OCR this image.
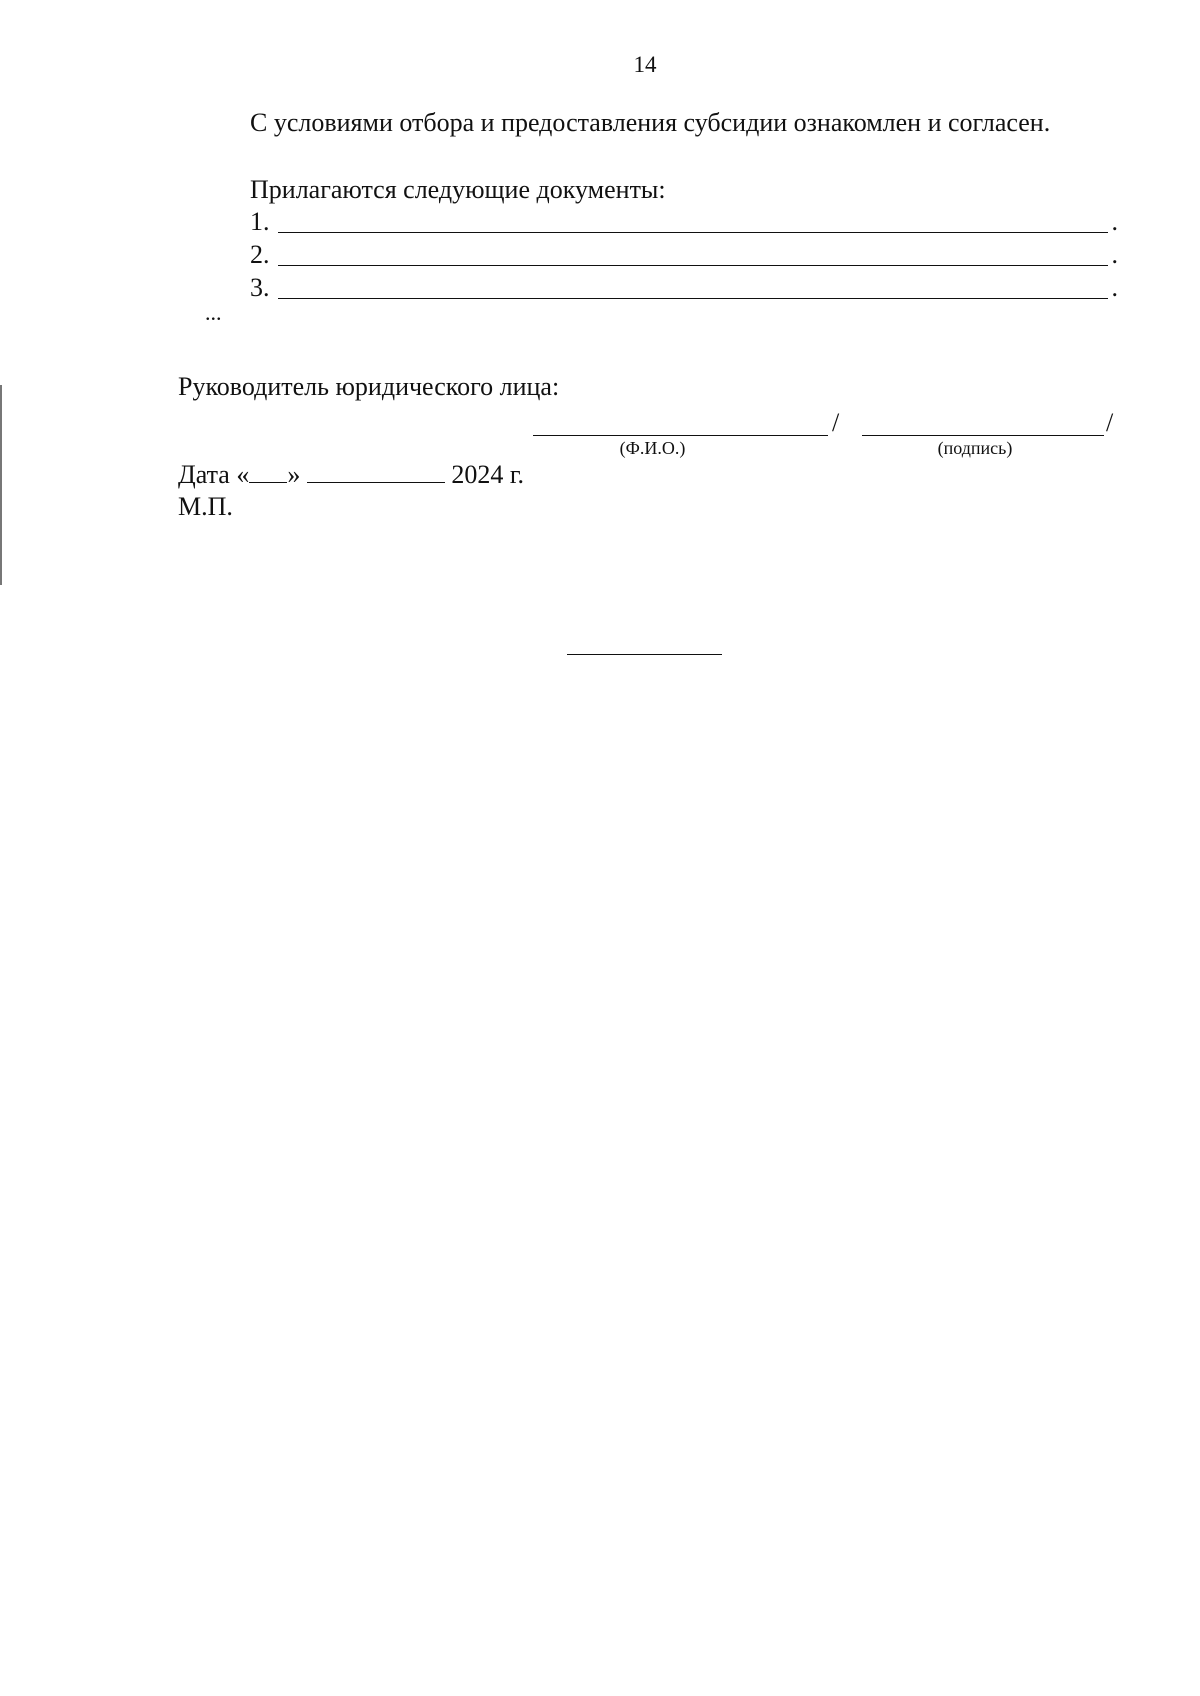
14

С условиями отбора и предоставления субсидии ознакомлен и согласен.

Прилагаются следующие документы:
1.	.
2.	.
3.	.
...
Руководитель юридического лица:
/	/
(Ф.И.О.)	(подпись)
Дата « »	2024 г.
М.П.
